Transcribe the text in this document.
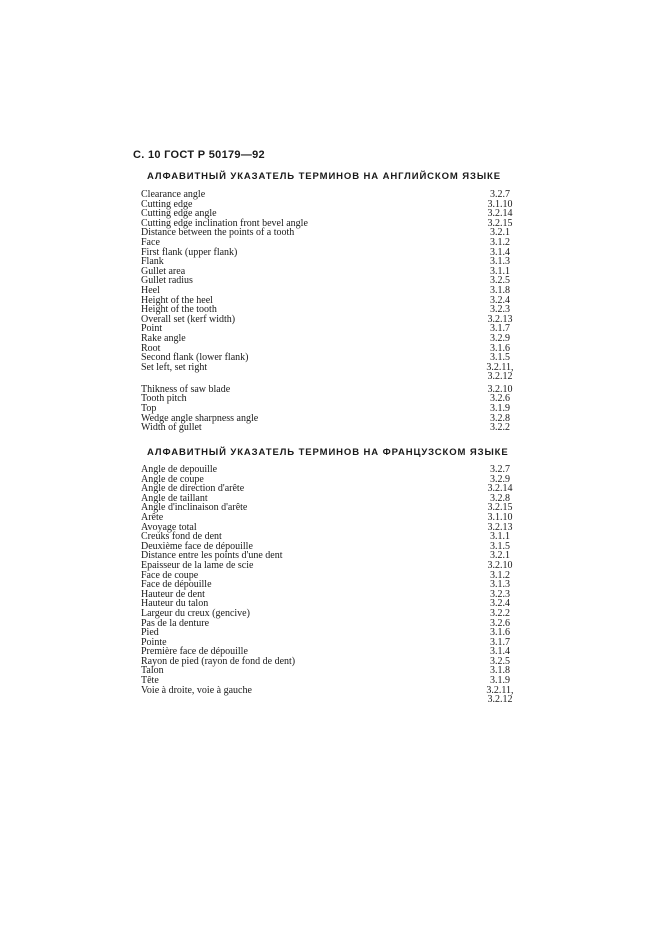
С. 10 ГОСТ Р 50179—92
АЛФАВИТНЫЙ УКАЗАТЕЛЬ ТЕРМИНОВ НА АНГЛИЙСКОМ ЯЗЫКЕ
Clearance angle	3.2.7
Cutting edge	3.1.10
Cutting edge angle	3.2.14
Cutting edge inclination front bevel angle	3.2.15
Distance between the points of a tooth	3.2.1
Face	3.1.2
First flank (upper flank)	3.1.4
Flank	3.1.3
Gullet area	3.1.1
Gullet radius	3.2.5
Heel	3.1.8
Height of the heel	3.2.4
Height of the tooth	3.2.3
Overall set (kerf width)	3.2.13
Point	3.1.7
Rake angle	3.2.9
Root	3.1.6
Second flank (lower flank)	3.1.5
Set left, set right	3.2.11,
3.2.12
Thikness of saw blade	3.2.10
Tooth pitch	3.2.6
Top	3.1.9
Wedge angle sharpness angle	3.2.8
Width of gullet	3.2.2
АЛФАВИТНЫЙ УКАЗАТЕЛЬ ТЕРМИНОВ НА ФРАНЦУЗСКОМ ЯЗЫКЕ
Angle de depouille	3.2.7
Angle de coupe	3.2.9
Angle de direction d'arête	3.2.14
Angle de taillant	3.2.8
Angle d'inclinaison d'arête	3.2.15
Arête	3.1.10
Avoyage total	3.2.13
Creuks fond de dent	3.1.1
Deuxième face de dépouille	3.1.5
Distance entre les points d'une dent	3.2.1
Epaisseur de la lame de scie	3.2.10
Face de coupe	3.1.2
Face de dépouille	3.1.3
Hauteur de dent	3.2.3
Hauteur du talon	3.2.4
Largeur du creux (gencive)	3.2.2
Pas de la denture	3.2.6
Pied	3.1.6
Pointe	3.1.7
Première face de dépouille	3.1.4
Rayon de pied (rayon de fond de dent)	3.2.5
Talon	3.1.8
Tête	3.1.9
Voie à droite, voie à gauche	3.2.11,
3.2.12
